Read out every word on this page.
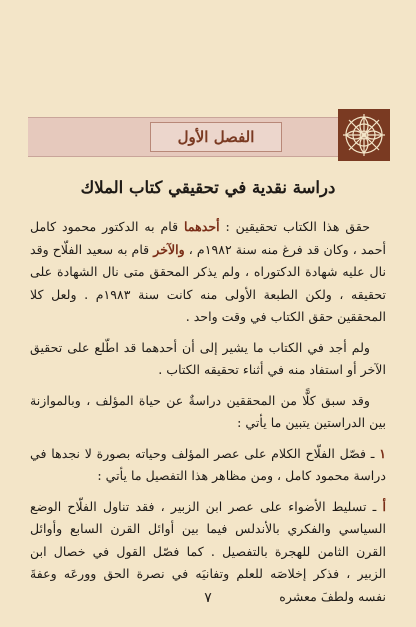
الفصل الأول
دراسة نقدية في تحقيقي كتاب الملاك

حقق هذا الكتاب تحقيقين : أحدهما قام به الدكتور محمود كامل أحمد ، وكان قد فرغ منه سنة ١٩٨٢م ، والآخر قام به سعيد الفلّاح وقد نال عليه شهادة الدكتوراه ، ولم يذكر المحقق متى نال الشهادة على تحقيقه ، ولكن الطبعة الأولى منه كانت سنة ١٩٨٣م . ولعل كلا المحققين حقق الكتاب في وقت واحد .

ولم أجد في الكتاب ما يشير إلى أن أحدهما قد اطّلع على تحقيق الآخر أو استفاد منه في أثناء تحقيقه الكتاب .

وقد سبق كلًّا من المحققين دراسةٌ عن حياة المؤلف ، وبالموازنة بين الدراستين يتبين ما يأتي :

١ ـ فصّل الفلّاح الكلام على عصر المؤلف وحياته بصورة لا نجدها في دراسة محمود كامل ، ومن مظاهر هذا التفصيل ما يأتي :

أ ـ تسليط الأضواء على عصر ابن الزبير ، فقد تناول الفلّاح الوضع السياسي والفكري بالأندلس فيما بين أوائل القرن السابع وأوائل القرن الثامن للهجرة بالتفصيل . كما فصّل القول في خصال ابن الزبير ، فذكر إخلاصَه للعلم وتفانيَه في نصرة الحق وورعَه وعفةَ نفسه ولطفَ معشره

٧
